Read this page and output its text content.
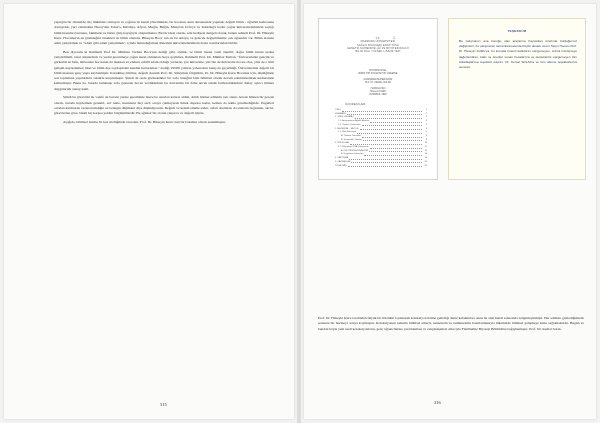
yaptığını bir dönemde, hiç imkânları olmayan ve çoğunu da kendi yönetiminde, bir hocanın onun dersaneside yapanık, değerli bilim - öğretim kadrosunu dostayıdık, yurt cahrindeki Hasoy'dan Tokat'a, Kütahya, Afyon, Muğla, Bilğin, Manş'tan Urfa'ya ve Tekirdağ'a kadar çoğok üniversitelerimizin saçtığı bilim insanları bursunu, fakültede ve bizler giriş kayağıyla oluşturmakta. Bu bir ideal olarak, aziz hediyesi dengeli olarak, bunun sahneli Prof. Dr. Hüseyin Kuru. Hocamız'ın da gözüdeğini örnekleri en bilim olanıdır. Hüseyin Hoca' nın da bu anlayış ve gelecek değiştirmemiz çok öğrenmir var. Bilim alanına adım yetiştirmek ve "adam gibi adam yetiştirmek", içinde bulunduğumuz dönemde üniversitelerimizin dostu nouzlarından biridir.

Ben diyorum ki Rahmetli Prof Dr. Mümtaz Turhan Hoca'nın dediği gibi, sözlük, ve bilim insanı vasfı önemli; doğru bilim insanı neden yetiştirilmeli, nasıl oluşturmalı ve yerini gecenmeye çağan insan olmaktan öteye geçilmez, Rahmetli Prof. Dr. Mümtaz Turhan, "Üniversitenin gençlik ve görkemli en hele, üniversite hocasının da maksatı ve enduru cahilli adam olduğu yerlerde, yaz üniversite, yüz bin de üniversite hocası olsa, yine de o ilim gelişim kaydedemez; ilkel ve bilim dışı soydaşından kendisi kurtaramaz." dediği 1950'li yılların yabancının bakış da geçerliliği. Üniversitemiz değerli bir bilim insanını genç yaşta kaybetmiştir. Kurulmuş ömrüne, değerli dostum Prof. Dr. Süleyman Özgülk'ın, Pr. Dr. Hüseyin Kuru Hocamız için, düştüğünde son toplamına yaşatıkların takdirle karşılamıştır. Şimdi de onda görmektikler bir vefa örneğini fazlı bilimsel olarak devam ederinizledürek kudretsinde kullanmıştır. Bunu da, burada bulunsup vefa gösteren hocan verdiklerinin bu davranımı bir dahu ancak tekdir bulbolettikleriniz dahay ayıncı minnet duygularımı sunuyorum.

Şimdi bu görevimi bu vazife de burada yerine gereminde üzere bu sınırlan kalarız aldım. Allah hizmet edilenin razı olsun. Ancak bilinen bir gerçek olarak, burada kaydetmek gerekiri, ard rekle, insanların hiçi sarti ortaya çıkmayarak ilmek dışarası kadar, hemen da tekile göremediğinde. Engelleri ortadan kaldırarak vazanavemdiğin en beliegin düğünleri diye düşünüyorum. Değerli ve kıdem aileme sahar, vefalı dostlarını da sözlerin doğrunun, akciri, görevlerine göre, bizim hiç karşısı yeniler bilgilerimizdir. Bu ağlakar bir olarak çalışırca ve değerli içinde.

Aşağıda, bilimsel üsluba 61 kez sözlüğünde önceden, Prof. Dr. Hüseyin Kuru' nun bir bakımın olarak sunulmuştur.

315
2
T.C.
MARMARA ÜNİVERSİTESİ
SAĞLIK BİLİMLERİ ENSTİTÜSÜ
GENETİK MÜHENDİSLİĞİ VE BİYOTEKNOLOJİ
BİLİM DALI YÜKSEK LİSANS TEZİ
BİYOKİMYASAL
BİRİM TİPİ KOLEKSİYON ÜZERİNE
DANIŞMAN/SÜPERVİZÖR
Prof. Dr. KEMAL SOLAK
HAZIRLAYAN
Hüseyin KURU
İSTANBUL 1992
İÇİNDEKİLER
ÖZET	1
SUMMARY	2
1. GİRİŞ VE AMAÇ	3
1.1. Araştırmanın Ağırlık Alanları	3
1.2. Yapılan Çalışmalar	4
2. MATERYAL - METOD	5
2.1. Bitki Materyali	5
A. Yöntem Teknikleri	6
B. Sistematik Yöntem	9
3. BULGULAR	10
3.1. Kloroplast DNA Çalışmaları	12
A. PROTEİN DEĞİŞİMLERİ	14
B. Uygulama Sonuçları	16
4. TARTIŞMA	18
5. KAYNAKLAR	20
ÖZGEÇMİŞ	22
TEŞEKKÜR
Bu çalışmanın ana konuğu olan araştırma hayvanları üzerinde bulduğumuz değişimleri, bu çalışmanın tamamlanmasında büyük destek veren Sayın Hocam Prof. Dr. Hüseyin KURU'ya, bu konuda önemli katkılarını esirgemeyen, tezimi incelemeye değerlendiren, katkı ve öneriler sunan hocalarıma ve desteklerini esirgemeyen tüm arkadaşlarıma teşekkür ederim. Dr. Kemal SOLAK'a ve tüm aileme teşekkürlerimi sunarım.

Prof. Dr. Hüseyin Kuru tarafından büyük bir titizlikle toplanarak koleksiyon haline getirdiği deniz kabukluları onun bu alan kendi sahasında zenginleştirmişti. Her adımını gözlediğimizde sonsuzu bir hazineyi ortaya koymuştur. Koleksiyonun tamamı bilimsel amaçlı, nesnelerin ve numunelerin hazırlanmasıyla ülkemizde bilimsel gelişmeye katkı sağlamaktadır. Bugün ve bundan böyle yeni nesil koleksiyonların, genç öğrencilerine yararlanması ve zenginleşmesi amacıyla Fakültemiz Biyoloji Bölümü'ne bağışlanmıştır. Prof. Dr. Kemal Solak.

316
